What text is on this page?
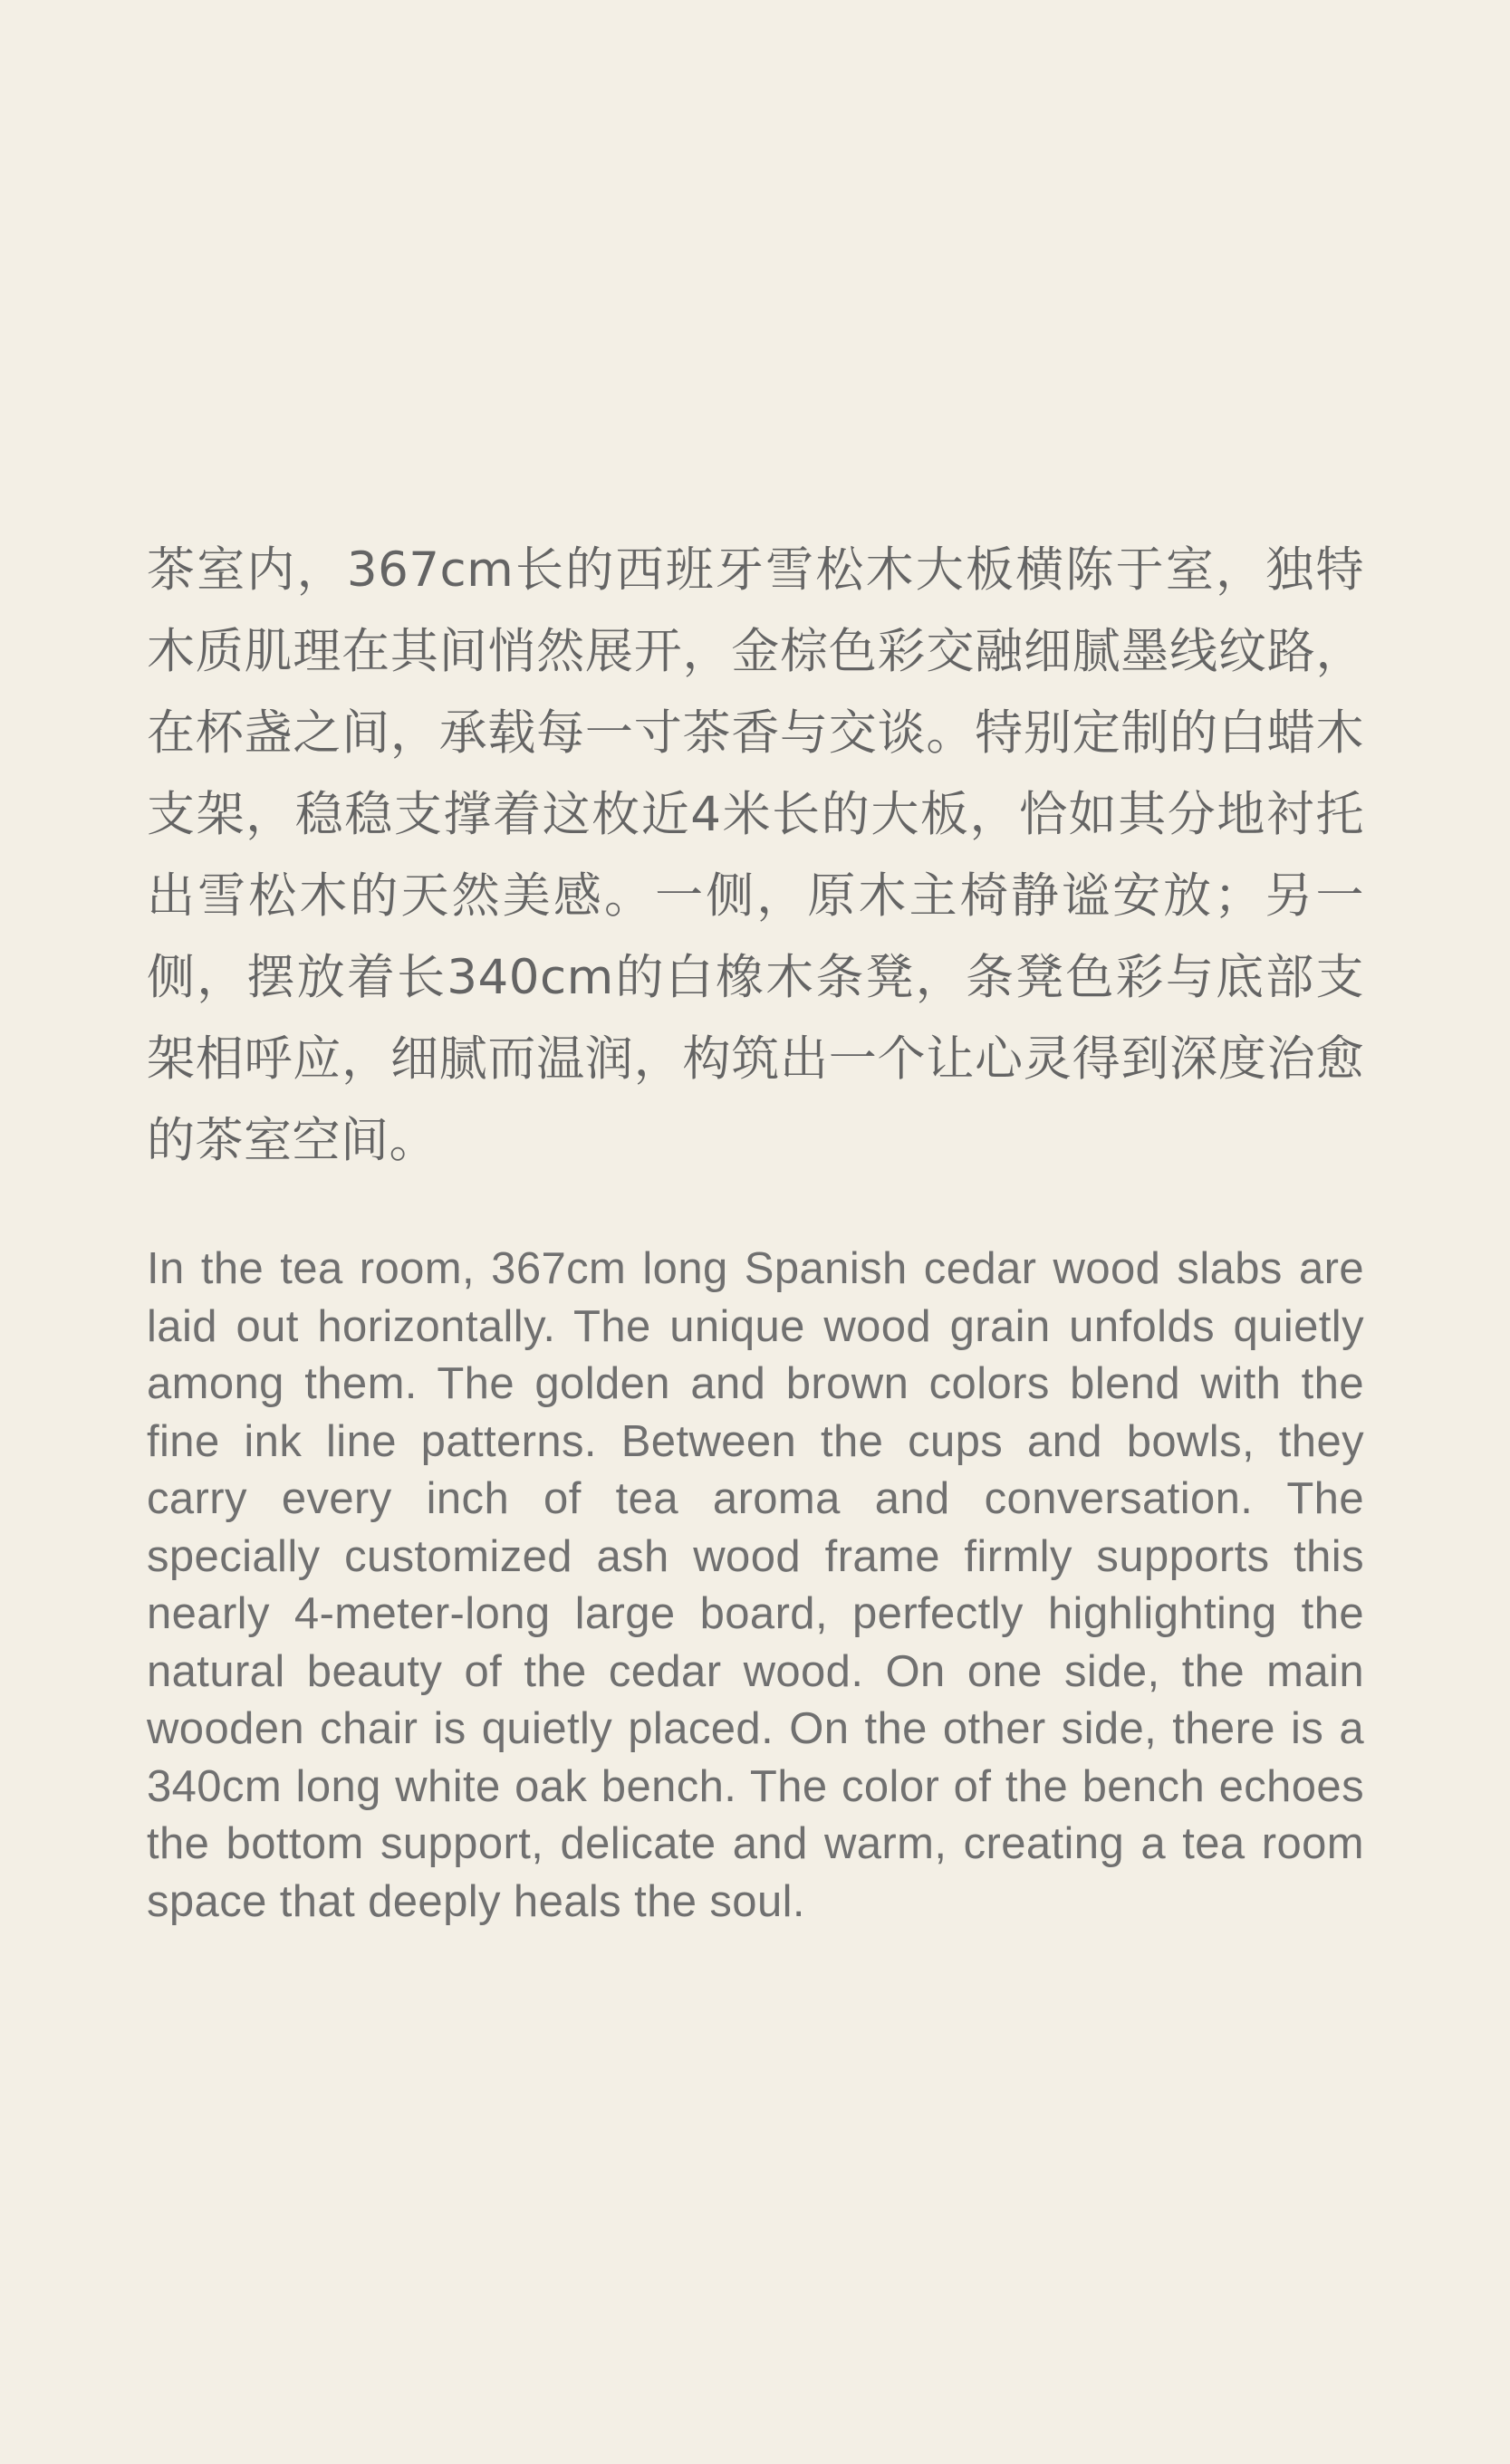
茶室内，367cm长的西班牙雪松木大板横陈于室，独特木质肌理在其间悄然展开，金棕色彩交融细腻墨线纹路，在杯盏之间，承载每一寸茶香与交谈。特别定制的白蜡木支架，稳稳支撑着这枚近4米长的大板，恰如其分地衬托出雪松木的天然美感。一侧，原木主椅静谧安放；另一侧，摆放着长340cm的白橡木条凳，条凳色彩与底部支架相呼应，细腻而温润，构筑出一个让心灵得到深度治愈的茶室空间。

In the tea room, 367cm long Spanish cedar wood slabs are laid out horizontally. The unique wood grain unfolds quietly among them. The golden and brown colors blend with the fine ink line patterns. Between the cups and bowls, they carry every inch of tea aroma and conversation. The specially customized ash wood frame firmly supports this nearly 4-meter-long large board, perfectly highlighting the natural beauty of the cedar wood. On one side, the main wooden chair is quietly placed. On the other side, there is a 340cm long white oak bench. The color of the bench echoes the bottom support, delicate and warm, creating a tea room space that deeply heals the soul.
